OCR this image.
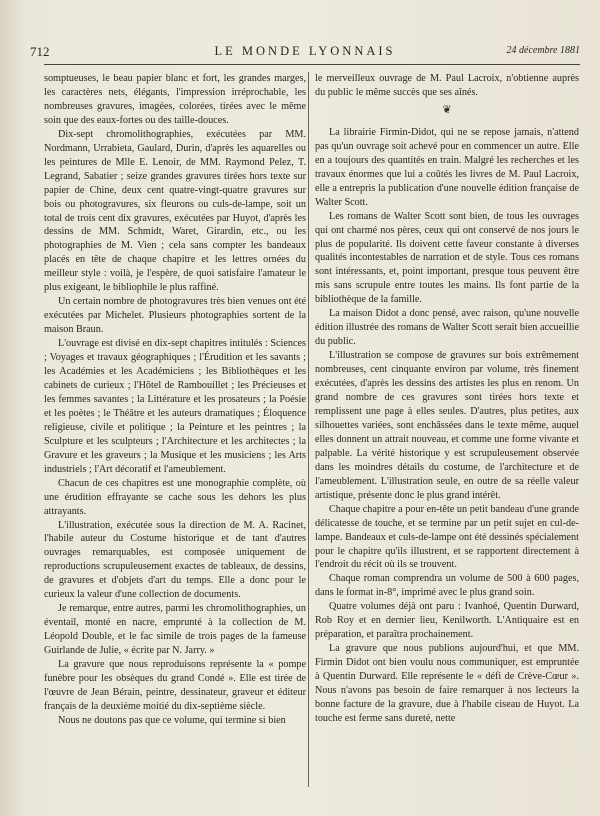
712	LE MONDE LYONNAIS	24 décembre 1881

somptueuses, le beau papier blanc et fort, les grandes marges, les caractères nets, élégants, l'impression irréprochable, les nombreuses gravures, imagées, colorées, tirées avec le même soin que des eaux-fortes ou des taille-douces.

Dix-sept chromolithographies, exécutées par MM. Nordmann, Urrabieta, Gaulard, Durin, d'après les aquarelles ou les peintures de Mlle E. Lenoir, de MM. Raymond Pelez, T. Legrand, Sabatier ; seize grandes gravures tirées hors texte sur papier de Chine, deux cent quatre-vingt-quatre gravures sur bois ou photogravures, six fleurons ou culs-de-lampe, soit un total de trois cent dix gravures, exécutées par Huyot, d'après les dessins de MM. Schmidt, Waret, Girardin, etc., ou les photographies de M. Vien ; cela sans compter les bandeaux placés en tête de chaque chapitre et les lettres ornées du meilleur style : voilà, je l'espère, de quoi satisfaire l'amateur le plus exigeant, le bibliophile le plus raffiné.

Un certain nombre de photogravures très bien venues ont été exécutées par Michelet. Plusieurs photographies sortent de la maison Braun.

L'ouvrage est divisé en dix-sept chapitres intitulés : Sciences ; Voyages et travaux géographiques ; l'Érudition et les savants ; les Académies et les Académiciens ; les Bibliothèques et les cabinets de curieux ; l'Hôtel de Rambouillet ; les Précieuses et les femmes savantes ; la Littérature et les prosateurs ; la Poésie et les poètes ; le Théâtre et les auteurs dramatiques ; Éloquence religieuse, civile et politique ; la Peinture et les peintres ; la Sculpture et les sculpteurs ; l'Architecture et les architectes ; la Gravure et les graveurs ; la Musique et les musiciens ; les Arts industriels ; l'Art décoratif et l'ameublement.

Chacun de ces chapitres est une monographie complète, où une érudition effrayante se cache sous les dehors les plus attrayants.

L'illustration, exécutée sous la direction de M. A. Racinet, l'habile auteur du Costume historique et de tant d'autres ouvrages remarquables, est composée uniquement de reproductions scrupuleusement exactes de tableaux, de dessins, de gravures et d'objets d'art du temps. Elle a donc pour le curieux la valeur d'une collection de documents.

Je remarque, entre autres, parmi les chromolithographies, un éventail, monté en nacre, emprunté à la collection de M. Léopold Double, et le fac simile de trois pages de la fameuse Guirlande de Julie, « écrite par N. Jarry. »

La gravure que nous reproduisons représente la « pompe funèbre pour les obsèques du grand Condé ». Elle est tirée de l'œuvre de Jean Bérain, peintre, dessinateur, graveur et éditeur français de la deuxième moitié du dix-septième siècle.

Nous ne doutons pas que ce volume, qui termine si bien

le merveilleux ouvrage de M. Paul Lacroix, n'obtienne auprès du public le même succès que ses aînés.

❦

La librairie Firmin-Didot, qui ne se repose jamais, n'attend pas qu'un ouvrage soit achevé pour en commencer un autre. Elle en a toujours des quantités en train. Malgré les recherches et les travaux énormes que lui a coûtés les livres de M. Paul Lacroix, elle a entrepris la publication d'une nouvelle édition française de Walter Scott.

Les romans de Walter Scott sont bien, de tous les ouvrages qui ont charmé nos pères, ceux qui ont conservé de nos jours le plus de popularité. Ils doivent cette faveur constante à diverses qualités incontestables de narration et de style. Tous ces romans sont intéressants, et, point important, presque tous peuvent être mis sans scrupule entre toutes les mains. Ils font partie de la bibliothèque de la famille.

La maison Didot a donc pensé, avec raison, qu'une nouvelle édition illustrée des romans de Walter Scott serait bien accueillie du public.

L'illustration se compose de gravures sur bois extrêmement nombreuses, cent cinquante environ par volume, très finement exécutées, d'après les dessins des artistes les plus en renom. Un grand nombre de ces gravures sont tirées hors texte et remplissent une page à elles seules. D'autres, plus petites, aux silhouettes variées, sont enchâssées dans le texte même, auquel elles donnent un attrait nouveau, et comme une forme vivante et palpable. La vérité historique y est scrupuleusement observée dans les moindres détails du costume, de l'architecture et de l'ameublement. L'illustration seule, en outre de sa réelle valeur artistique, présente donc le plus grand intérêt.

Chaque chapitre a pour en-tête un petit bandeau d'une grande délicatesse de touche, et se termine par un petit sujet en cul-de-lampe. Bandeaux et culs-de-lampe ont été dessinés spécialement pour le chapitre qu'ils illustrent, et se rapportent directement à l'endroit du récit où ils se trouvent.

Chaque roman comprendra un volume de 500 à 600 pages, dans le format in-8°, imprimé avec le plus grand soin.

Quatre volumes déjà ont paru : Ivanhoé, Quentin Durward, Rob Roy et en dernier lieu, Kenilworth. L'Antiquaire est en préparation, et paraîtra prochainement.

La gravure que nous publions aujourd'hui, et que MM. Firmin Didot ont bien voulu nous communiquer, est empruntée à Quentin Durward. Elle représente le « défi de Crève-Cœur ». Nous n'avons pas besoin de faire remarquer à nos lecteurs la bonne facture de la gravure, due à l'habile ciseau de Huyot. La touche est ferme sans dureté, nette
